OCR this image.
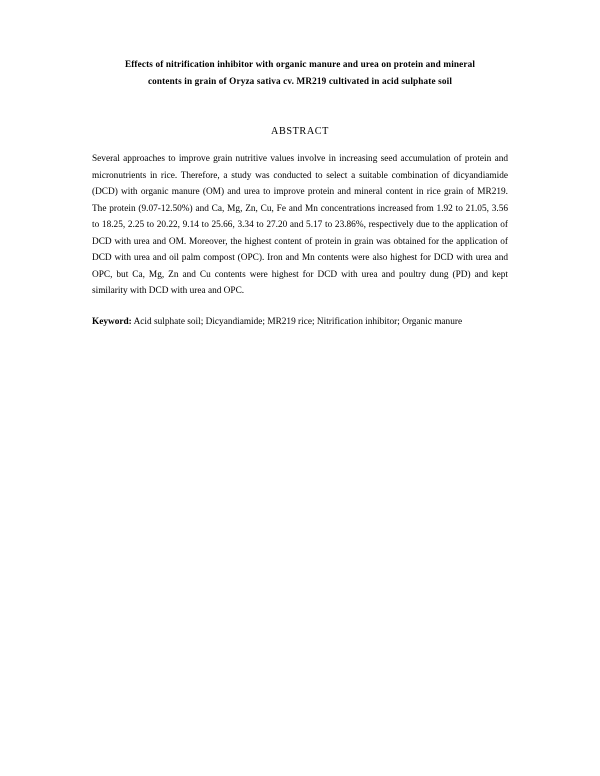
Effects of nitrification inhibitor with organic manure and urea on protein and mineral
contents in grain of Oryza sativa cv. MR219 cultivated in acid sulphate soil
ABSTRACT

Several approaches to improve grain nutritive values involve in increasing seed accumulation of protein and micronutrients in rice. Therefore, a study was conducted to select a suitable combination of dicyandiamide (DCD) with organic manure (OM) and urea to improve protein and mineral content in rice grain of MR219. The protein (9.07-12.50%) and Ca, Mg, Zn, Cu, Fe and Mn concentrations increased from 1.92 to 21.05, 3.56 to 18.25, 2.25 to 20.22, 9.14 to 25.66, 3.34 to 27.20 and 5.17 to 23.86%, respectively due to the application of DCD with urea and OM. Moreover, the highest content of protein in grain was obtained for the application of DCD with urea and oil palm compost (OPC). Iron and Mn contents were also highest for DCD with urea and OPC, but Ca, Mg, Zn and Cu contents were highest for DCD with urea and poultry dung (PD) and kept similarity with DCD with urea and OPC.

Keyword: Acid sulphate soil; Dicyandiamide; MR219 rice; Nitrification inhibitor; Organic manure
